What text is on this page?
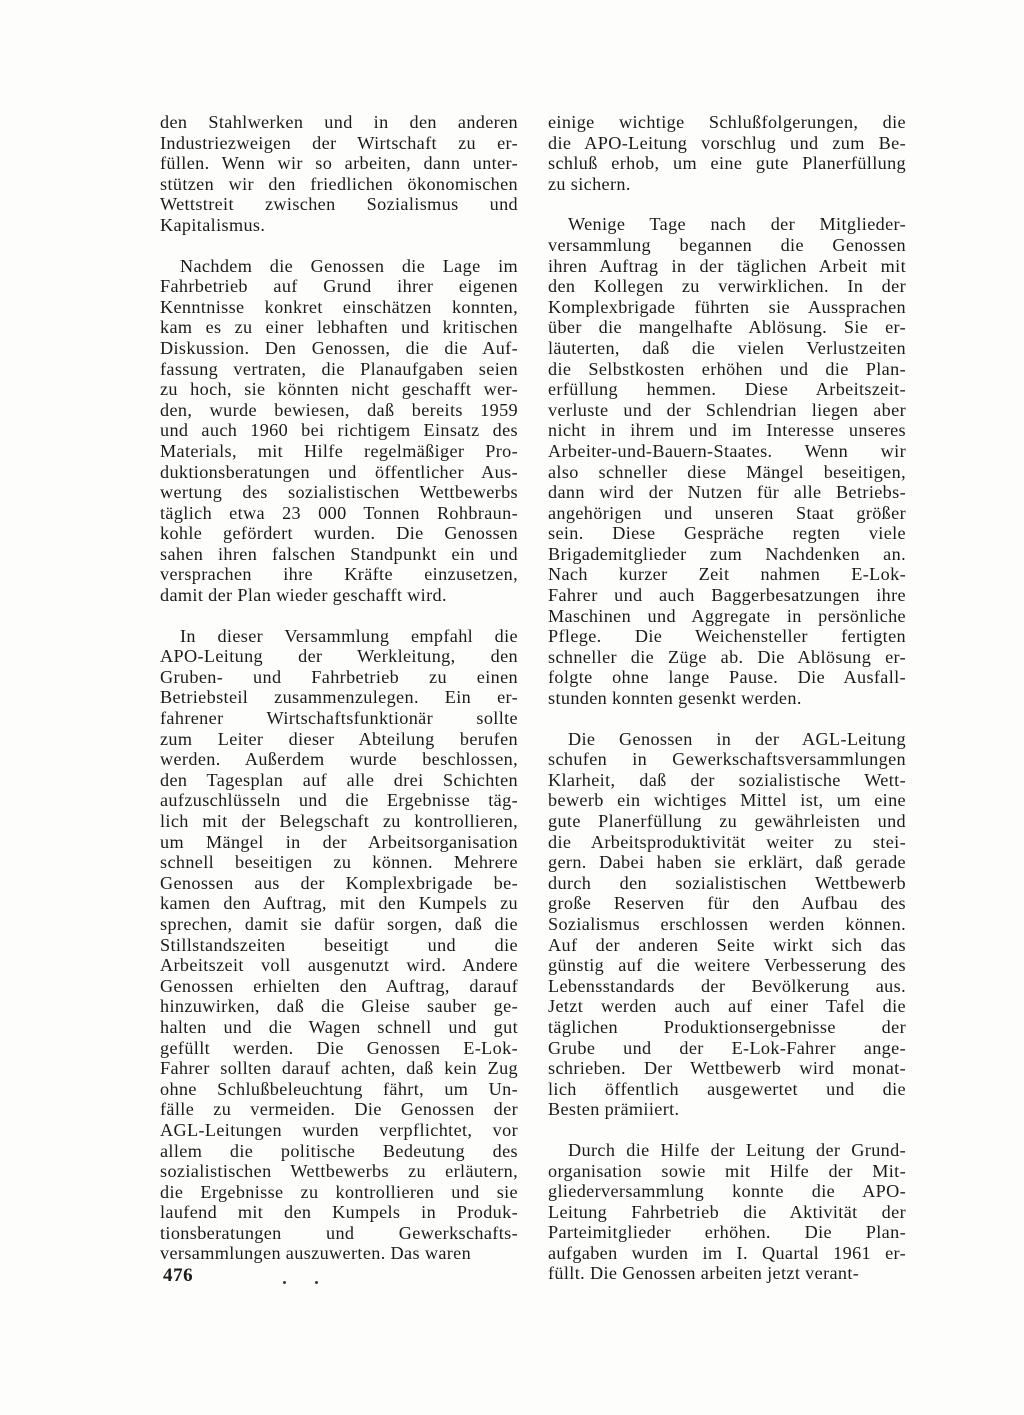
den Stahlwerken und in den anderen
Industriezweigen der Wirtschaft zu er-
füllen. Wenn wir so arbeiten, dann unter-
stützen wir den friedlichen ökonomischen
Wettstreit zwischen Sozialismus und
Kapitalismus.
Nachdem die Genossen die Lage im
Fahrbetrieb auf Grund ihrer eigenen
Kenntnisse konkret einschätzen konnten,
kam es zu einer lebhaften und kritischen
Diskussion. Den Genossen, die die Auf-
fassung vertraten, die Planaufgaben seien
zu hoch, sie könnten nicht geschafft wer-
den, wurde bewiesen, daß bereits 1959
und auch 1960 bei richtigem Einsatz des
Materials, mit Hilfe regelmäßiger Pro-
duktionsberatungen und öffentlicher Aus-
wertung des sozialistischen Wettbewerbs
täglich etwa 23 000 Tonnen Rohbraun-
kohle gefördert wurden. Die Genossen
sahen ihren falschen Standpunkt ein und
versprachen ihre Kräfte einzusetzen,
damit der Plan wieder geschafft wird.
In dieser Versammlung empfahl die
APO-Leitung der Werkleitung, den
Gruben- und Fahrbetrieb zu einen
Betriebsteil zusammenzulegen. Ein er-
fahrener Wirtschaftsfunktionär sollte
zum Leiter dieser Abteilung berufen
werden. Außerdem wurde beschlossen,
den Tagesplan auf alle drei Schichten
aufzuschlüsseln und die Ergebnisse täg-
lich mit der Belegschaft zu kontrollieren,
um Mängel in der Arbeitsorganisation
schnell beseitigen zu können. Mehrere
Genossen aus der Komplexbrigade be-
kamen den Auftrag, mit den Kumpels zu
sprechen, damit sie dafür sorgen, daß die
Stillstandszeiten beseitigt und die
Arbeitszeit voll ausgenutzt wird. Andere
Genossen erhielten den Auftrag, darauf
hinzuwirken, daß die Gleise sauber ge-
halten und die Wagen schnell und gut
gefüllt werden. Die Genossen E-Lok-
Fahrer sollten darauf achten, daß kein Zug
ohne Schlußbeleuchtung fährt, um Un-
fälle zu vermeiden. Die Genossen der
AGL-Leitungen wurden verpflichtet, vor
allem die politische Bedeutung des
sozialistischen Wettbewerbs zu erläutern,
die Ergebnisse zu kontrollieren und sie
laufend mit den Kumpels in Produk-
tionsberatungen und Gewerkschafts-
versammlungen auszuwerten. Das waren
einige wichtige Schlußfolgerungen, die
die APO-Leitung vorschlug und zum Be-
schluß erhob, um eine gute Planerfüllung
zu sichern.
Wenige Tage nach der Mitglieder-
versammlung begannen die Genossen
ihren Auftrag in der täglichen Arbeit mit
den Kollegen zu verwirklichen. In der
Komplexbrigade führten sie Aussprachen
über die mangelhafte Ablösung. Sie er-
läuterten, daß die vielen Verlustzeiten
die Selbstkosten erhöhen und die Plan-
erfüllung hemmen. Diese Arbeitszeit-
verluste und der Schlendrian liegen aber
nicht in ihrem und im Interesse unseres
Arbeiter-und-Bauern-Staates. Wenn wir
also schneller diese Mängel beseitigen,
dann wird der Nutzen für alle Betriebs-
angehörigen und unseren Staat größer
sein. Diese Gespräche regten viele
Brigademitglieder zum Nachdenken an.
Nach kurzer Zeit nahmen E-Lok-
Fahrer und auch Baggerbesatzungen ihre
Maschinen und Aggregate in persönliche
Pflege. Die Weichensteller fertigten
schneller die Züge ab. Die Ablösung er-
folgte ohne lange Pause. Die Ausfall-
stunden konnten gesenkt werden.
Die Genossen in der AGL-Leitung
schufen in Gewerkschaftsversammlungen
Klarheit, daß der sozialistische Wett-
bewerb ein wichtiges Mittel ist, um eine
gute Planerfüllung zu gewährleisten und
die Arbeitsproduktivität weiter zu stei-
gern. Dabei haben sie erklärt, daß gerade
durch den sozialistischen Wettbewerb
große Reserven für den Aufbau des
Sozialismus erschlossen werden können.
Auf der anderen Seite wirkt sich das
günstig auf die weitere Verbesserung des
Lebensstandards der Bevölkerung aus.
Jetzt werden auch auf einer Tafel die
täglichen Produktionsergebnisse der
Grube und der E-Lok-Fahrer ange-
schrieben. Der Wettbewerb wird monat-
lich öffentlich ausgewertet und die
Besten prämiiert.
Durch die Hilfe der Leitung der Grund-
organisation sowie mit Hilfe der Mit-
gliederversammlung konnte die APO-
Leitung Fahrbetrieb die Aktivität der
Parteimitglieder erhöhen. Die Plan-
aufgaben wurden im I. Quartal 1961 er-
füllt. Die Genossen arbeiten jetzt verant-
476
